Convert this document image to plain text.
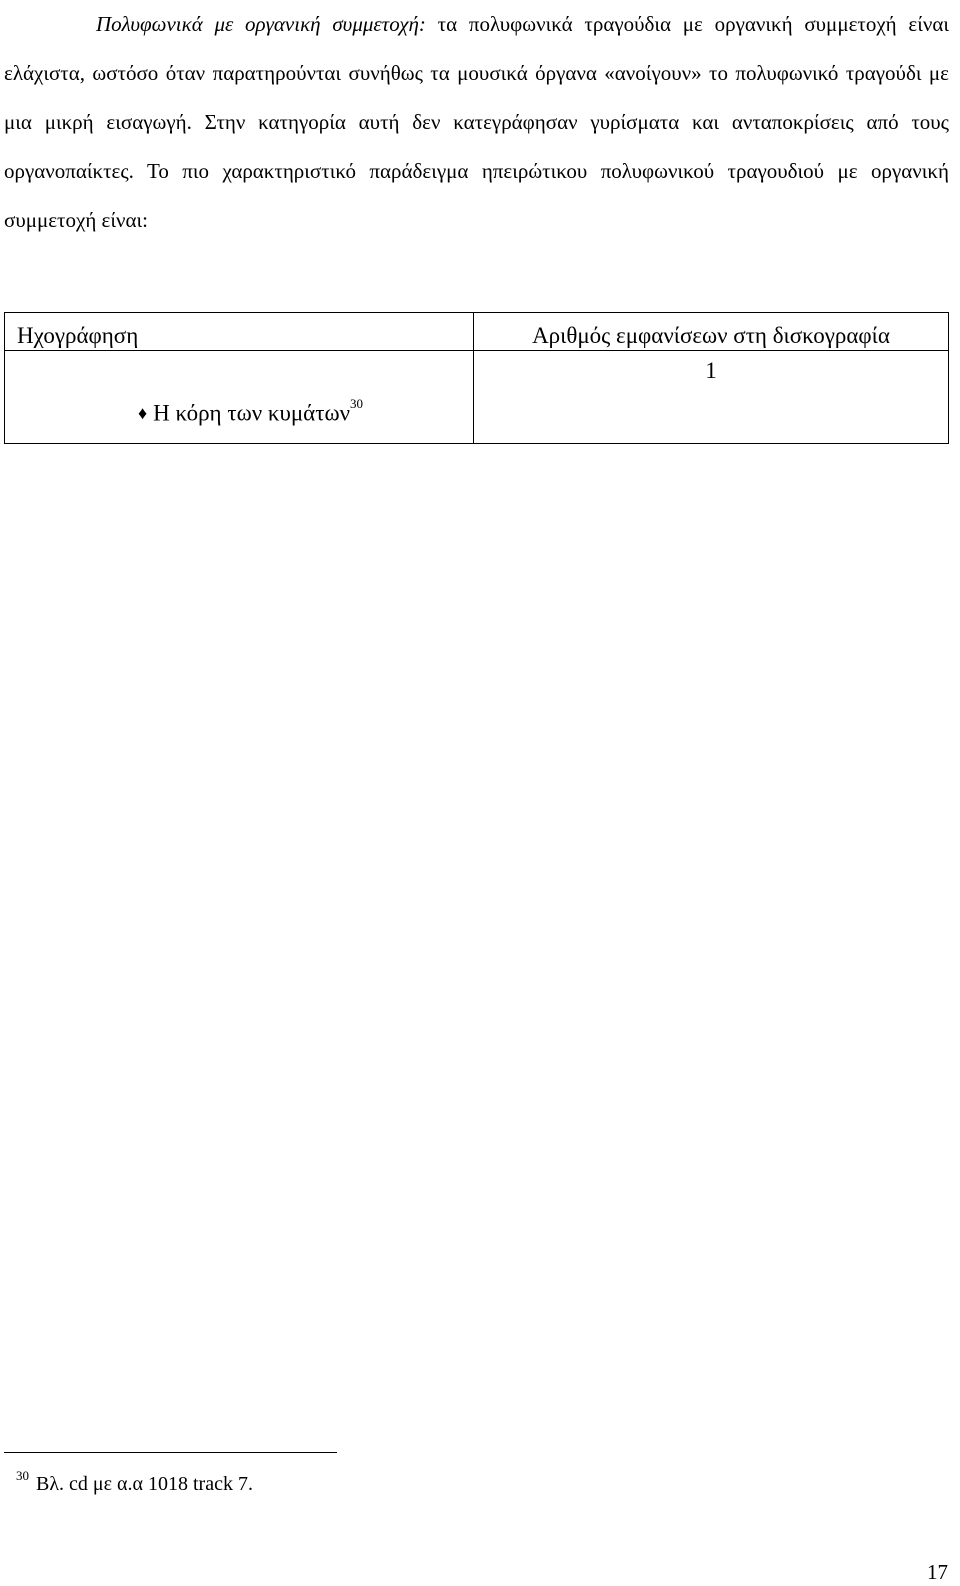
Πολυφωνικά με οργανική συμμετοχή: τα πολυφωνικά τραγούδια με οργανική συμμετοχή είναι ελάχιστα, ωστόσο όταν παρατηρούνται συνήθως τα μουσικά όργανα «ανοίγουν» το πολυφωνικό τραγούδι με μια μικρή εισαγωγή. Στην κατηγορία αυτή δεν κατεγράφησαν γυρίσματα και ανταποκρίσεις από τους οργανοπαίκτες. Το πιο χαρακτηριστικό παράδειγμα ηπειρώτικου πολυφωνικού τραγουδιού με οργανική συμμετοχή είναι:

Ηχογράφηση	Αριθμός εμφανίσεων στη δισκογραφία
♦ Η κόρη των κυμάτων$^{30}$	1
30 Βλ. cd με α.α 1018 track 7.
17
